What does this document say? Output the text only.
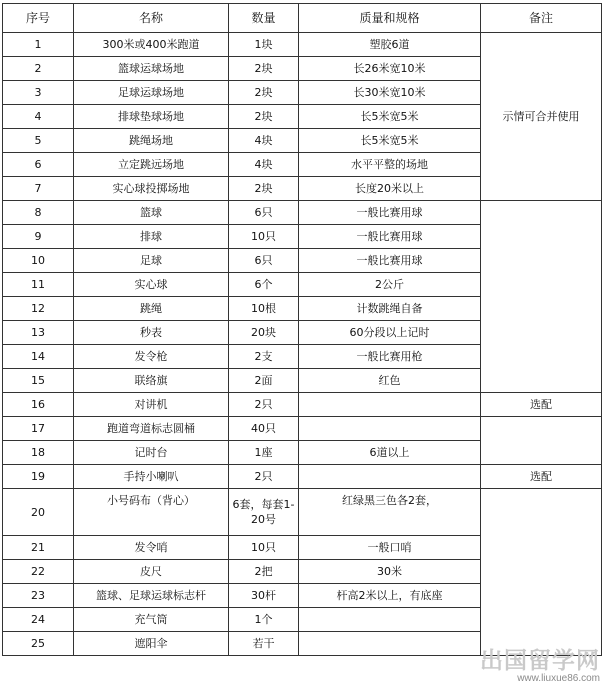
序号	名称	数量	质量和规格	备注
1	300米或400米跑道	1块	塑胶6道	示情可合并使用
2	篮球运球场地	2块	长26米宽10米	
3	足球运球场地	2块	长30米宽10米	
4	排球垫球场地	2块	长5米宽5米	
5	跳绳场地	4块	长5米宽5米	
6	立定跳远场地	4块	水平平整的场地	
7	实心球投掷场地	2块	长度20米以上	
8	篮球	6只	一般比赛用球	
9	排球	10只	一般比赛用球	
10	足球	6只	一般比赛用球	
11	实心球	6个	2公斤	
12	跳绳	10根	计数跳绳自备	
13	秒表	20块	60分段以上记时	
14	发令枪	2支	一般比赛用枪	
15	联络旗	2面	红色	
16	对讲机	2只		选配
17	跑道弯道标志圆桶	40只		
18	记时台	1座	6道以上	
19	手持小喇叭	2只		选配
20	小号码布（背心）	6套，每套1-20号	红绿黑三色各2套，	
21	发令哨	10只	一般口哨	
22	皮尺	2把	30米	
23	篮球、足球运球标志杆	30杆	杆高2米以上，有底座	
24	充气筒	1个		
25	遮阳伞	若干		
出国留学网
www.liuxue86.com
